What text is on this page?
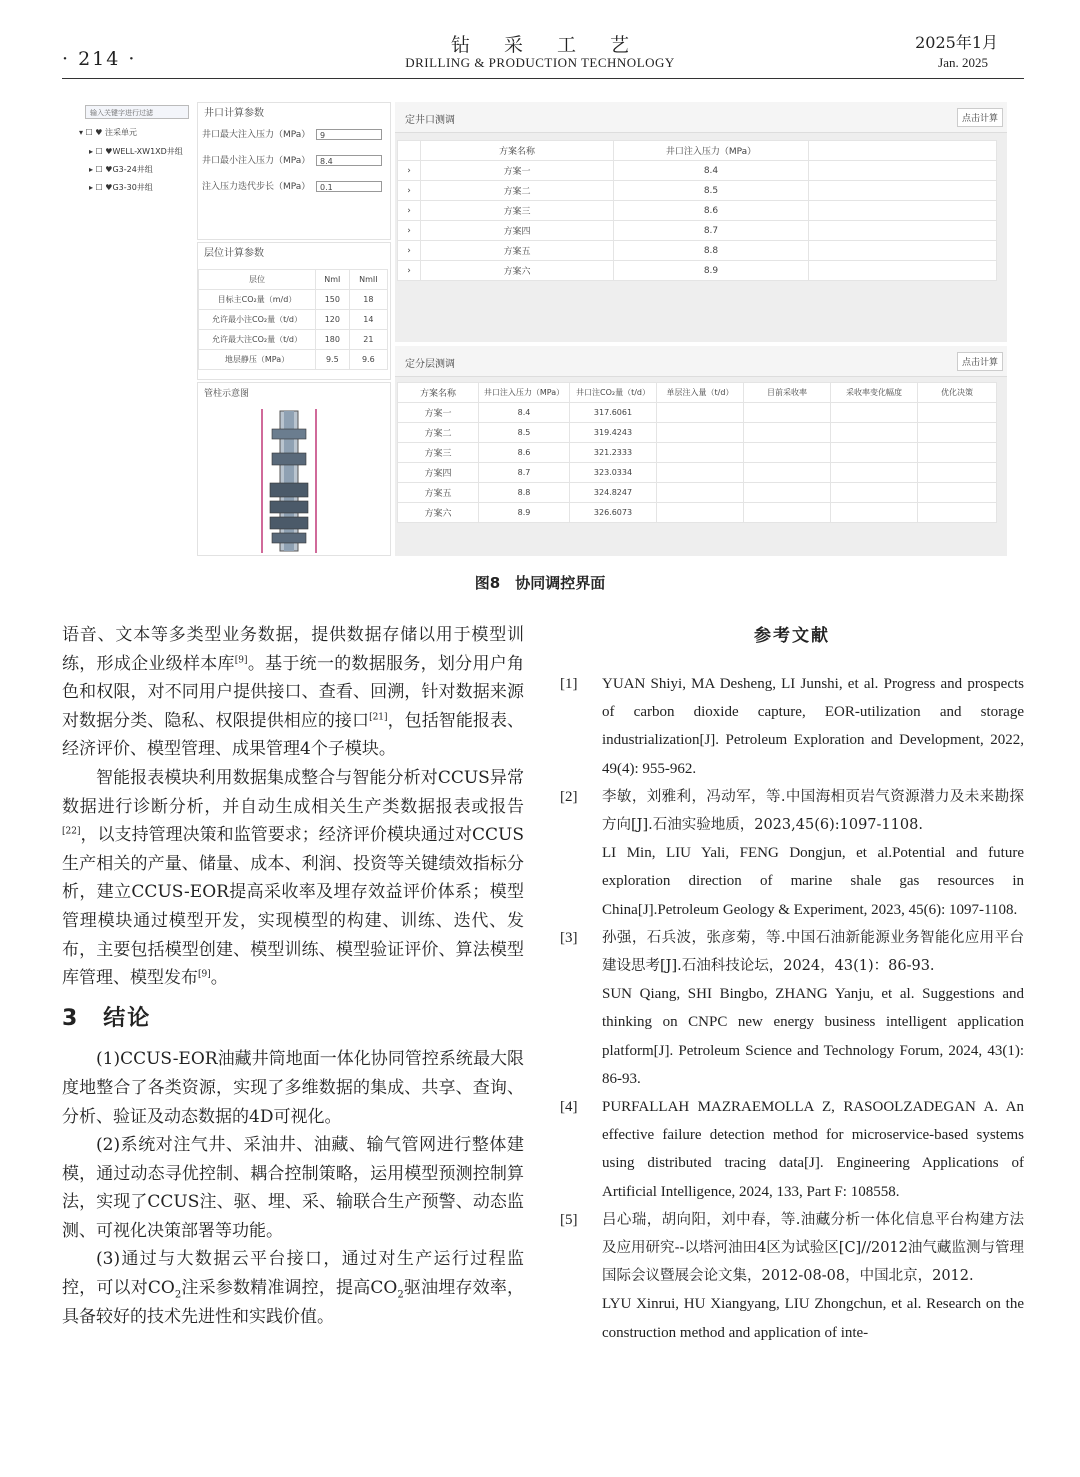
· 214 ·
钻采工艺
DRILLING & PRODUCTION TECHNOLOGY
2025年1月
Jan. 2025
输入关键字进行过滤
▾ ☐ ♥ 注采单元
▸ ☐ ♥WELL-XW1XD井组
▸ ☐ ♥G3-24井组
▸ ☐ ♥G3-30井组
井口计算参数
井口最大注入压力（MPa）	9
井口最小注入压力（MPa）	8.4
注入压力迭代步长（MPa）	0.1
层位计算参数
层位	NmI	NmII
目标主CO₂量（m/d）	150	18
允许最小注CO₂量（t/d）	120	14
允许最大注CO₂量（t/d）	180	21
地层静压（MPa）	9.5	9.6
管柱示意图
定井口测调	点击计算
	方案名称	井口注入压力（MPa）	
›	方案一	8.4	
›	方案二	8.5	
›	方案三	8.6	
›	方案四	8.7	
›	方案五	8.8	
›	方案六	8.9	
定分层测调	点击计算
方案名称	井口注入压力（MPa）	井口注CO₂量（t/d）	单层注入量（t/d）	目前采收率	采收率变化幅度	优化决策
方案一	8.4	317.6061				
方案二	8.5	319.4243				
方案三	8.6	321.2333				
方案四	8.7	323.0334				
方案五	8.8	324.8247				
方案六	8.9	326.6073				
图8　协同调控界面

语音、文本等多类型业务数据，提供数据存储以用于模型训练，形成企业级样本库[9]。基于统一的数据服务，划分用户角色和权限，对不同用户提供接口、查看、回溯，针对数据来源对数据分类、隐私、权限提供相应的接口[21]，包括智能报表、经济评价、模型管理、成果管理4个子模块。

智能报表模块利用数据集成整合与智能分析对CCUS异常数据进行诊断分析，并自动生成相关生产类数据报表或报告[22]，以支持管理决策和监管要求；经济评价模块通过对CCUS生产相关的产量、储量、成本、利润、投资等关键绩效指标分析，建立CCUS-EOR提高采收率及埋存效益评价体系；模型管理模块通过模型开发，实现模型的构建、训练、迭代、发布，主要包括模型创建、模型训练、模型验证评价、算法模型库管理、模型发布[9]。

3　结论

(1)CCUS-EOR油藏井筒地面一体化协同管控系统最大限度地整合了各类资源，实现了多维数据的集成、共享、查询、分析、验证及动态数据的4D可视化。

(2)系统对注气井、采油井、油藏、输气管网进行整体建模，通过动态寻优控制、耦合控制策略，运用模型预测控制算法，实现了CCUS注、驱、埋、采、输联合生产预警、动态监测、可视化决策部署等功能。

(3)通过与大数据云平台接口，通过对生产运行过程监控，可以对$CO_2$注采参数精准调控，提高$CO_2$驱油埋存效率，具备较好的技术先进性和实践价值。

参考文献
[1]	YUAN Shiyi, MA Desheng, LI Junshi, et al. Progress and prospects of carbon dioxide capture, EOR-utilization and storage industrialization[J]. Petroleum Exploration and Development, 2022, 49(4): 955-962.
[2]	李敏，刘雅利，冯动军，等.中国海相页岩气资源潜力及未来勘探方向[J].石油实验地质，2023,45(6):1097-1108.
LI Min, LIU Yali, FENG Dongjun, et al.Potential and future exploration direction of marine shale gas resources in China[J].Petroleum Geology & Experiment, 2023, 45(6): 1097-1108.
[3]	孙强，石兵波，张彦菊，等.中国石油新能源业务智能化应用平台建设思考[J].石油科技论坛，2024，43(1)：86-93.
SUN Qiang, SHI Bingbo, ZHANG Yanju, et al. Suggestions and thinking on CNPC new energy business intelligent application platform[J]. Petroleum Science and Technology Forum, 2024, 43(1): 86-93.
[4]	PURFALLAH MAZRAEMOLLA Z, RASOOLZADEGAN A. An effective failure detection method for microservice-based systems using distributed tracing data[J]. Engineering Applications of Artificial Intelligence, 2024, 133, Part F: 108558.
[5]	吕心瑞，胡向阳，刘中春，等.油藏分析一体化信息平台构建方法及应用研究--以塔河油田4区为试验区[C]//2012油气藏监测与管理国际会议暨展会论文集，2012-08-08，中国北京，2012.
LYU Xinrui, HU Xiangyang, LIU Zhongchun, et al. Research on the construction method and application of inte-
